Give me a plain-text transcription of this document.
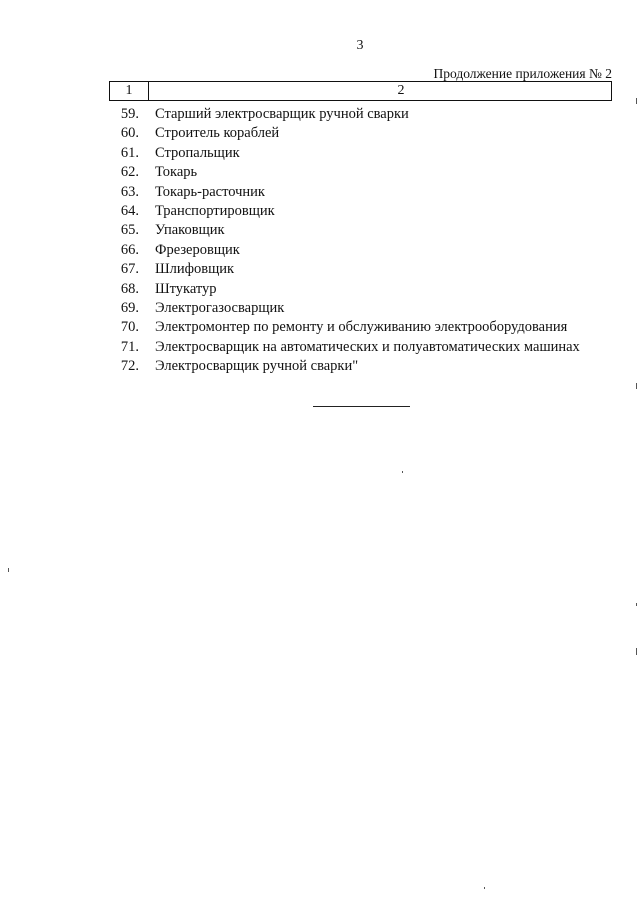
3
Продолжение приложения № 2
1	2
59.	Старший электросварщик ручной сварки
60.	Строитель кораблей
61.	Стропальщик
62.	Токарь
63.	Токарь-расточник
64.	Транспортировщик
65.	Упаковщик
66.	Фрезеровщик
67.	Шлифовщик
68.	Штукатур
69.	Электрогазосварщик
70.	Электромонтер по ремонту и обслуживанию электрооборудования
71.	Электросварщик на автоматических и полуавтоматических машинах
72.	Электросварщик ручной сварки"
